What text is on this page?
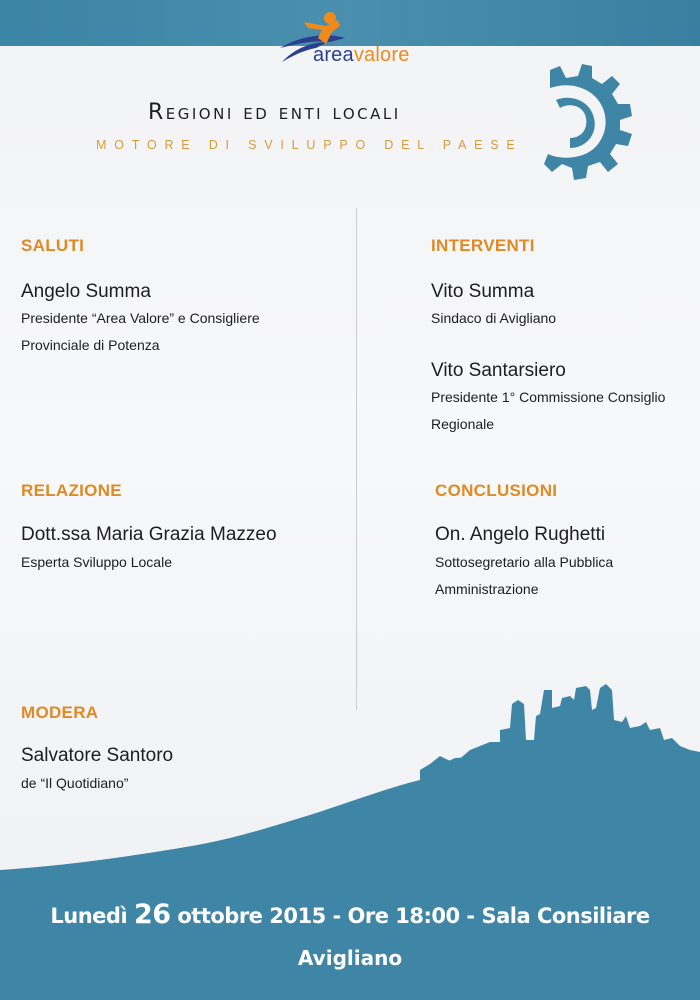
areavalore
Regioni ed enti locali
MOTORE DI SVILUPPO DEL PAESE
SALUTI
Angelo Summa
Presidente “Area Valore” e Consigliere
Provinciale di Potenza
INTERVENTI
Vito Summa
Sindaco di Avigliano
Vito Santarsiero
Presidente 1° Commissione Consiglio
Regionale
RELAZIONE
Dott.ssa Maria Grazia Mazzeo
Esperta Sviluppo Locale
CONCLUSIONI
On. Angelo Rughetti
Sottosegretario alla Pubblica
Amministrazione
MODERA
Salvatore Santoro
de “Il Quotidiano”
Lunedì 26 ottobre 2015 - Ore 18:00 - Sala Consiliare
Avigliano
